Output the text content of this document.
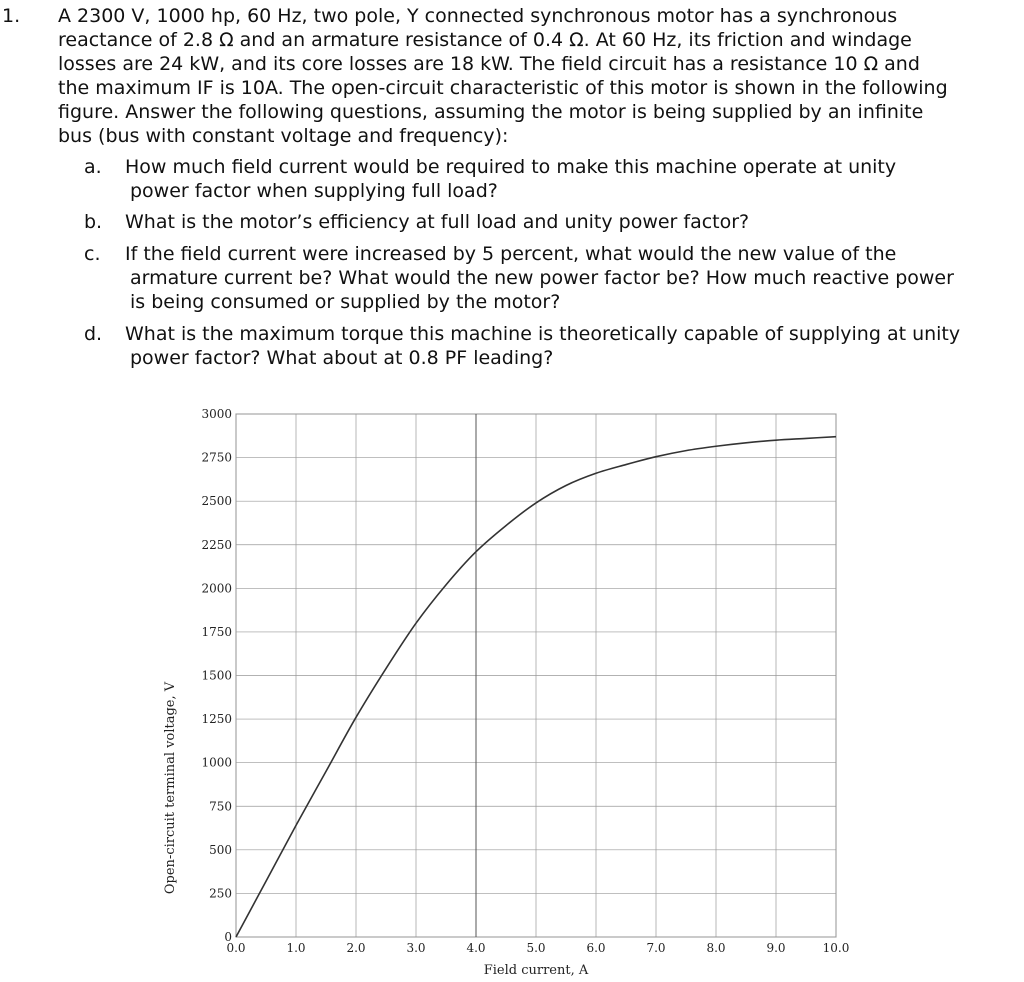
1. A 2300 V, 1000 hp, 60 Hz, two pole, Y connected synchronous motor has a synchronous
reactance of 2.8 Ω and an armature resistance of 0.4 Ω. At 60 Hz, its friction and windage
losses are 24 kW, and its core losses are 18 kW. The field circuit has a resistance 10 Ω and
the maximum IF is 10A. The open-circuit characteristic of this motor is shown in the following
figure. Answer the following questions, assuming the motor is being supplied by an infinite
bus (bus with constant voltage and frequency):
a. How much field current would be required to make this machine operate at unity
power factor when supplying full load?
b. What is the motor’s efficiency at full load and unity power factor?
c. If the field current were increased by 5 percent, what would the new value of the
armature current be? What would the new power factor be? How much reactive power
is being consumed or supplied by the motor?
d. What is the maximum torque this machine is theoretically capable of supplying at unity
power factor? What about at 0.8 PF leading?
0
250
500
750
1000
1250
1500
1750
2000
2250
2500
2750
3000
0.0	1.0	2.0	3.0	4.0	5.0	6.0	7.0	8.0	9.0	10.0
Field current, A
Open-circuit terminal voltage, V
